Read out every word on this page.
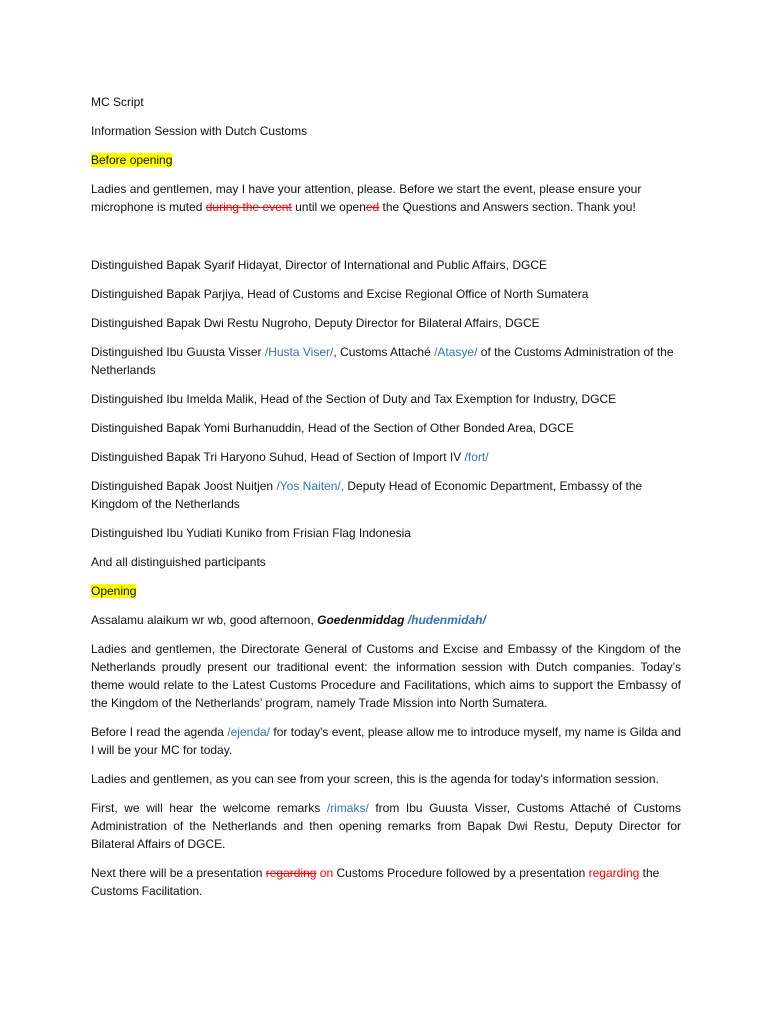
MC Script

Information Session with Dutch Customs

Before opening

Ladies and gentlemen, may I have your attention, please. Before we start the event, please ensure your microphone is muted during the event until we opened the Questions and Answers section. Thank you!

Distinguished Bapak Syarif Hidayat, Director of International and Public Affairs, DGCE

Distinguished Bapak Parjiya, Head of Customs and Excise Regional Office of North Sumatera

Distinguished Bapak Dwi Restu Nugroho, Deputy Director for Bilateral Affairs, DGCE

Distinguished Ibu Guusta Visser /Husta Viser/, Customs Attaché /Atasye/ of the Customs Administration of the Netherlands

Distinguished Ibu Imelda Malik, Head of the Section of Duty and Tax Exemption for Industry, DGCE

Distinguished Bapak Yomi Burhanuddin, Head of the Section of Other Bonded Area, DGCE

Distinguished Bapak Tri Haryono Suhud, Head of Section of Import IV /fort/

Distinguished Bapak Joost Nuitjen /Yos Naiten/, Deputy Head of Economic Department, Embassy of the Kingdom of the Netherlands

Distinguished Ibu Yudiati Kuniko from Frisian Flag Indonesia

And all distinguished participants

Opening

Assalamu alaikum wr wb, good afternoon, Goedenmiddag /hudenmidah/

Ladies and gentlemen, the Directorate General of Customs and Excise and Embassy of the Kingdom of the Netherlands proudly present our traditional event: the information session with Dutch companies. Today’s theme would relate to the Latest Customs Procedure and Facilitations, which aims to support the Embassy of the Kingdom of the Netherlands’ program, namely Trade Mission into North Sumatera.

Before I read the agenda /ejenda/ for today's event, please allow me to introduce myself, my name is Gilda and I will be your MC for today.

Ladies and gentlemen, as you can see from your screen, this is the agenda for today's information session.

First, we will hear the welcome remarks /rimaks/ from Ibu Guusta Visser, Customs Attaché of Customs Administration of the Netherlands and then opening remarks from Bapak Dwi Restu, Deputy Director for Bilateral Affairs of DGCE.

Next there will be a presentation regarding on Customs Procedure followed by a presentation regarding the Customs Facilitation.
